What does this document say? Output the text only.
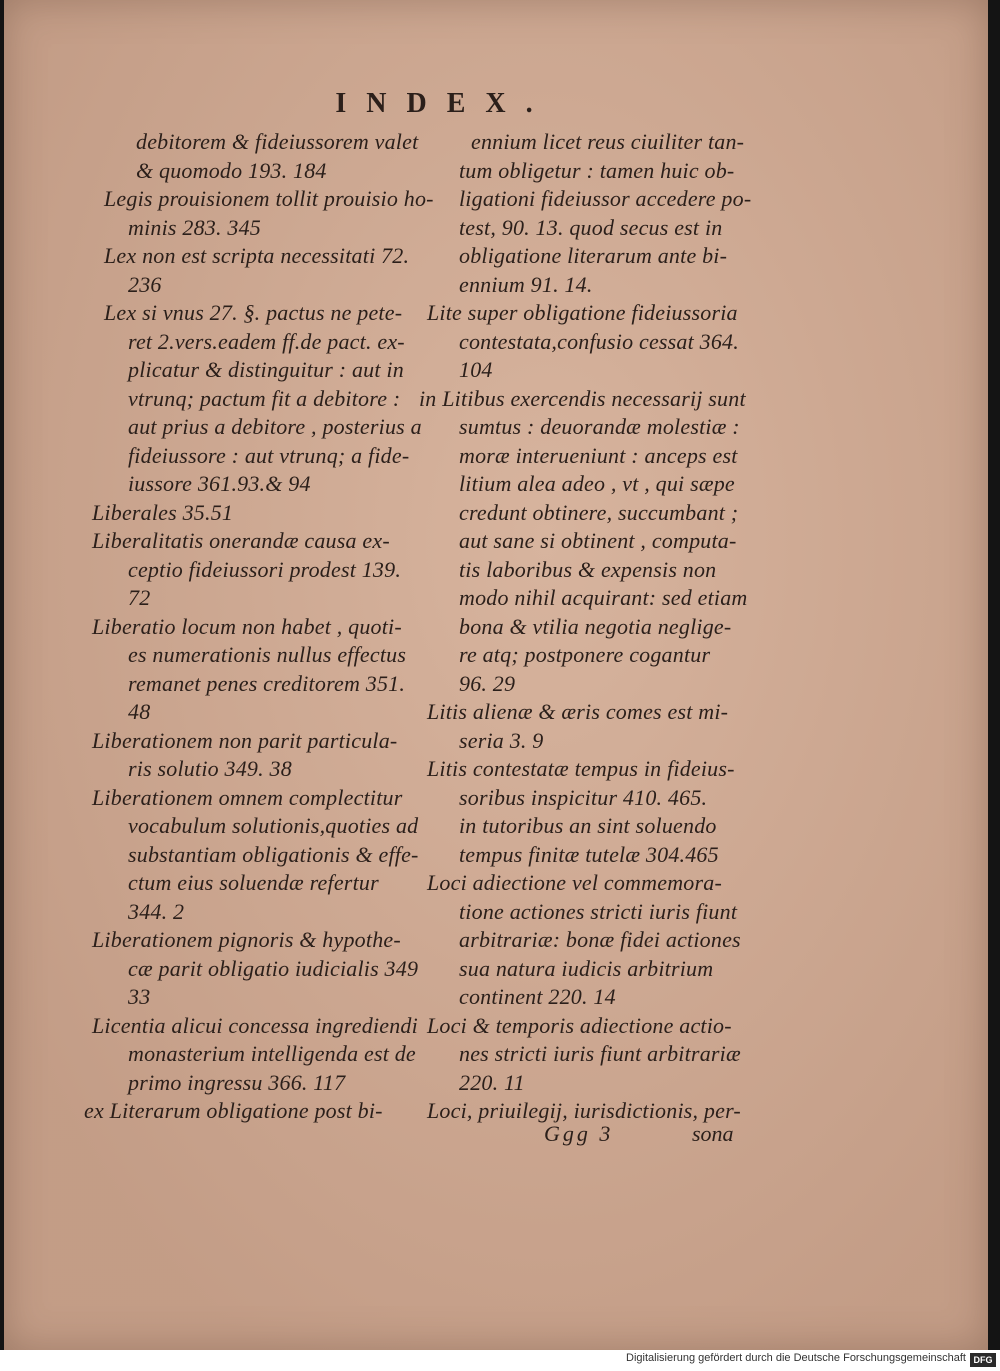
INDEX.
debitorem & fideiussorem valet
& quomodo 193. 184
Legis prouisionem tollit prouisio ho-
minis 283. 345
Lex non est scripta necessitati 72.
236
Lex si vnus 27. §. pactus ne pete-
ret 2.vers.eadem ff.de pact. ex-
plicatur & distinguitur : aut in
vtrunq; pactum fit a debitore :
aut prius a debitore , posterius a
fideiussore : aut vtrunq; a fide-
iussore 361.93.& 94
Liberales 35.51
Liberalitatis onerandæ causa ex-
ceptio fideiussori prodest 139.
72
Liberatio locum non habet , quoti-
es numerationis nullus effectus
remanet penes creditorem 351.
48
Liberationem non parit particula-
ris solutio 349. 38
Liberationem omnem complectitur
vocabulum solutionis,quoties ad
substantiam obligationis & effe-
ctum eius soluendæ refertur
344. 2
Liberationem pignoris & hypothe-
cæ parit obligatio iudicialis 349
33
Licentia alicui concessa ingrediendi
monasterium intelligenda est de
primo ingressu 366. 117
ex Literarum obligatione post bi-
ennium licet reus ciuiliter tan-
tum obligetur : tamen huic ob-
ligationi fideiussor accedere po-
test, 90. 13. quod secus est in
obligatione literarum ante bi-
ennium 91. 14.
Lite super obligatione fideiussoria
contestata,confusio cessat 364.
104
in Litibus exercendis necessarij sunt
sumtus : deuorandæ molestiæ :
moræ interueniunt : anceps est
litium alea adeo , vt , qui sæpe
credunt obtinere, succumbant ;
aut sane si obtinent , computa-
tis laboribus & expensis non
modo nihil acquirant: sed etiam
bona & vtilia negotia neglige-
re atq; postponere cogantur
96. 29
Litis alienæ & æris comes est mi-
seria 3. 9
Litis contestatæ tempus in fideius-
soribus inspicitur 410. 465.
in tutoribus an sint soluendo
tempus finitæ tutelæ 304.465
Loci adiectione vel commemora-
tione actiones stricti iuris fiunt
arbitrariæ: bonæ fidei actiones
sua natura iudicis arbitrium
continent 220. 14
Loci & temporis adiectione actio-
nes stricti iuris fiunt arbitrariæ
220. 11
Loci, priuilegij, iurisdictionis, per-
Ggg 3	sona
Digitalisierung gefördert durch die Deutsche Forschungsgemeinschaft DFG
